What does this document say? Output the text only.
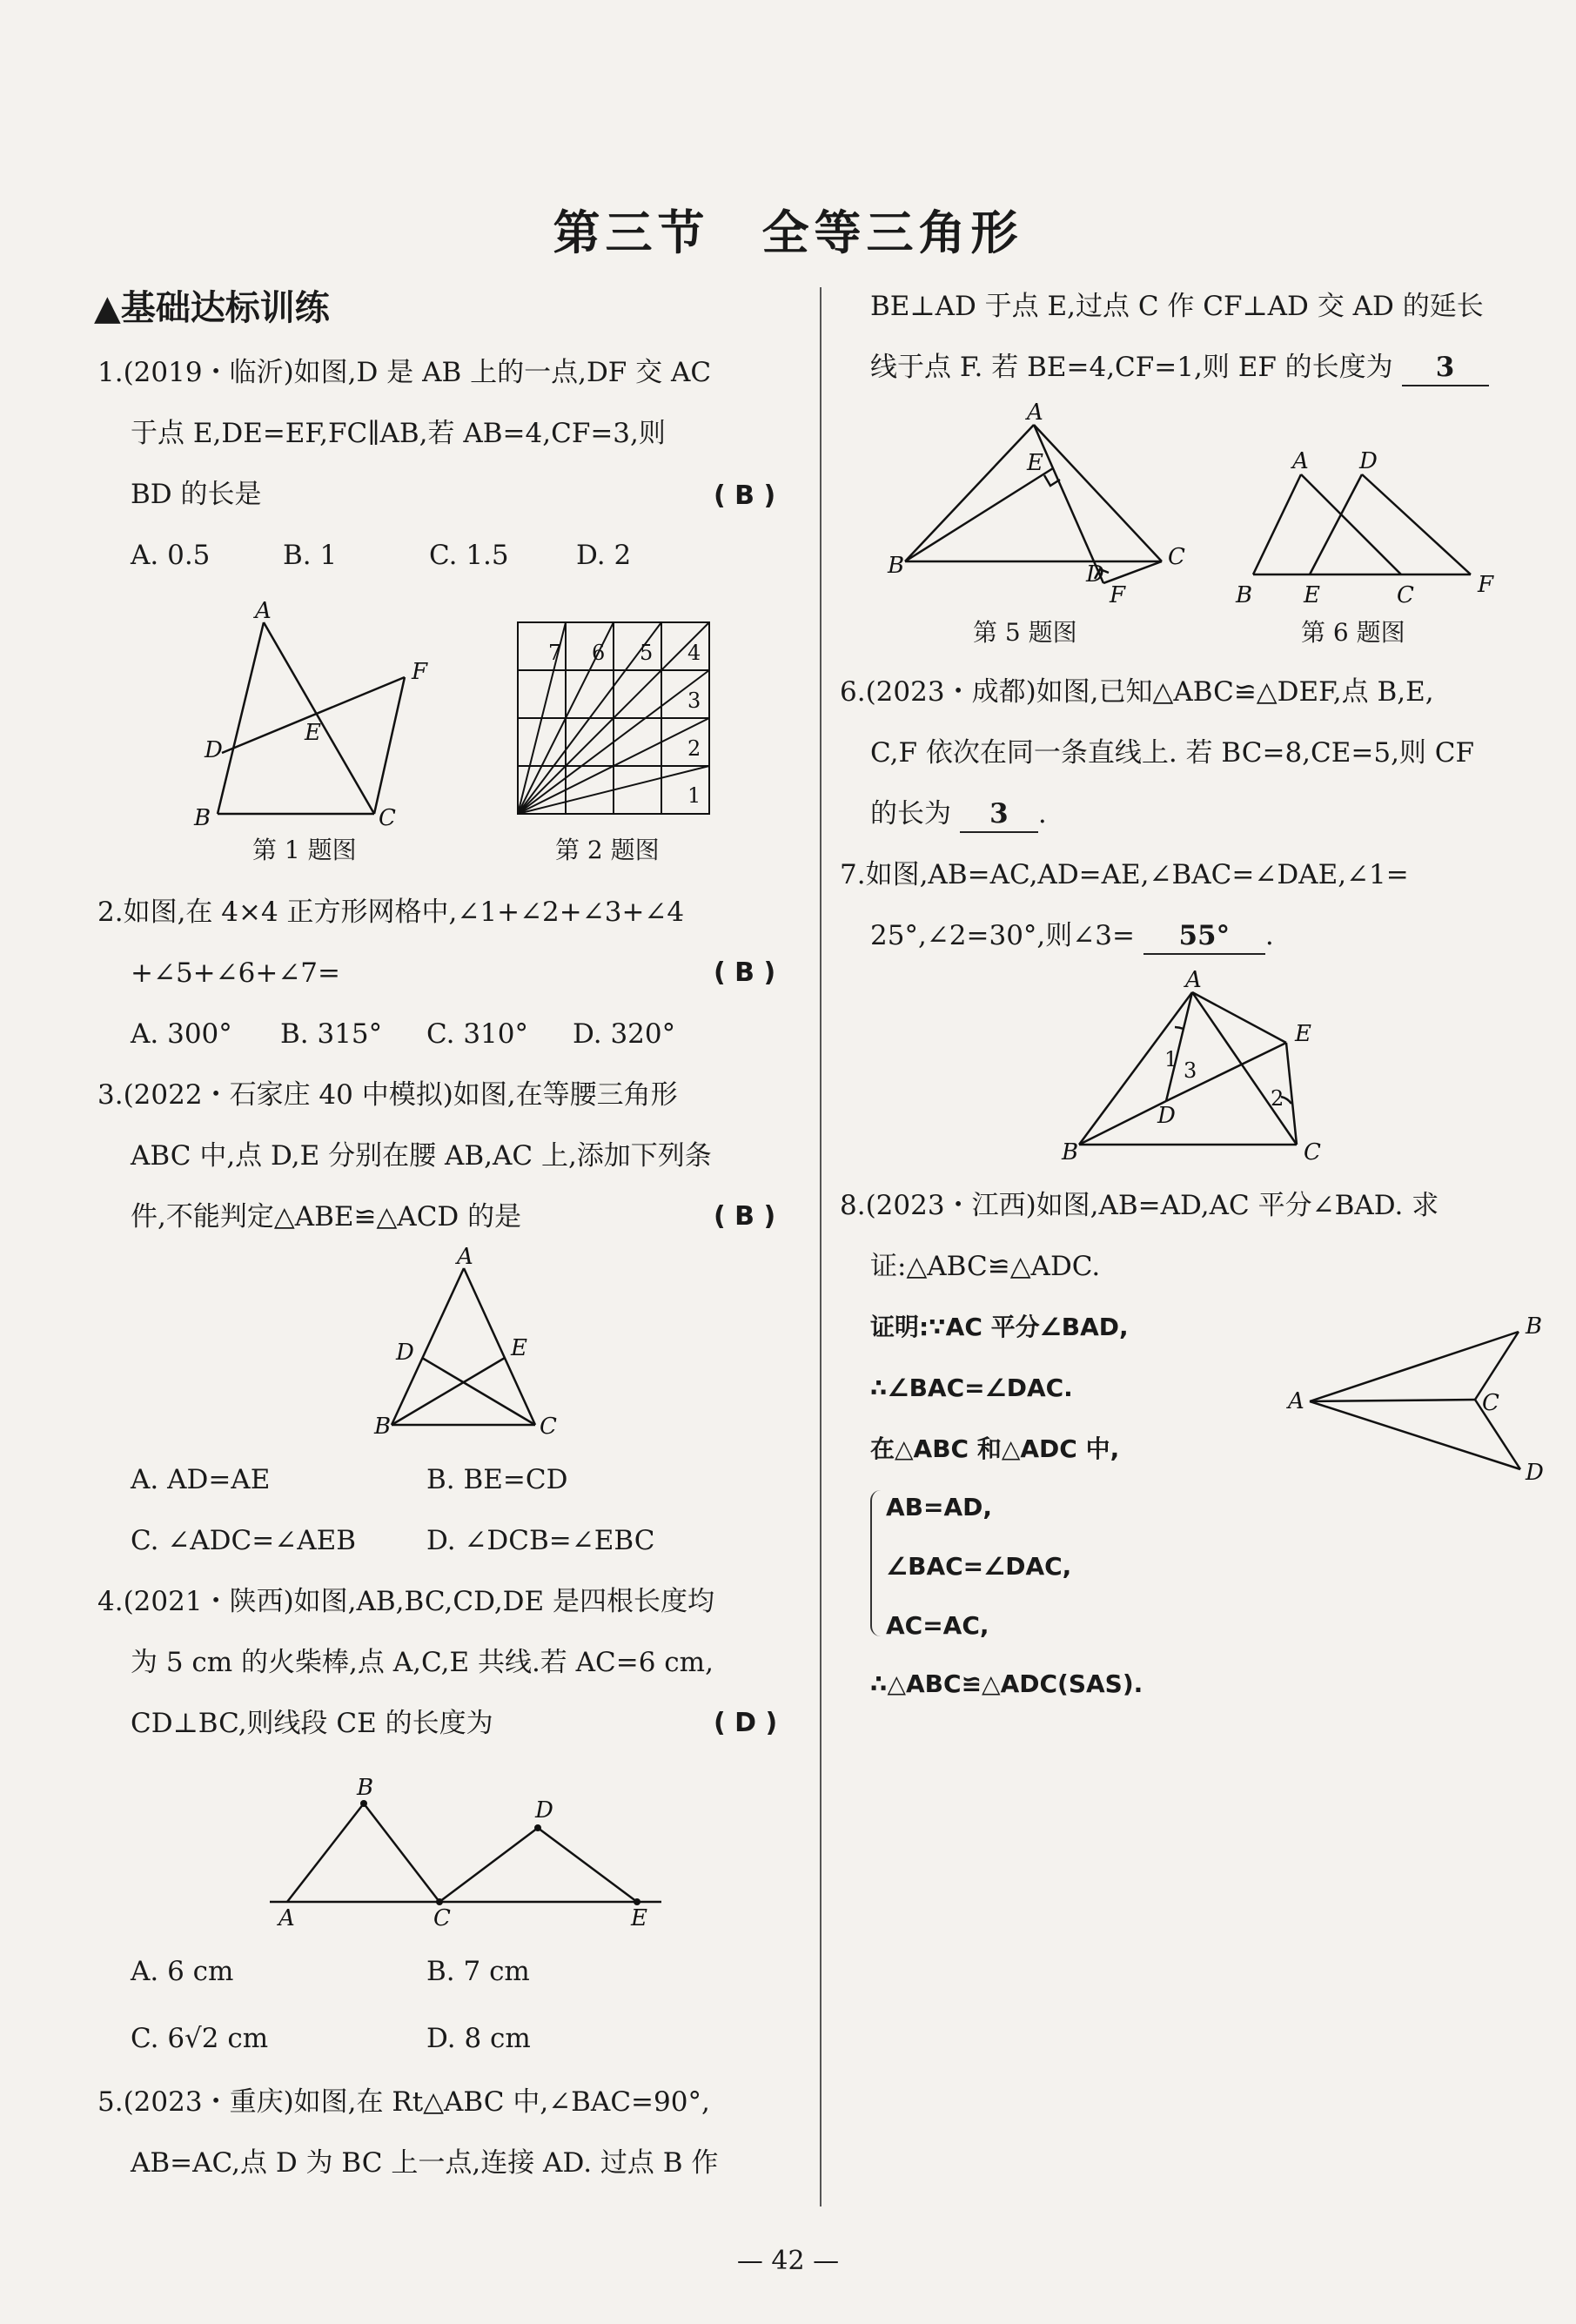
第三节　全等三角形
▲基础达标训练
1.(2019・临沂)如图,D 是 AB 上的一点,DF 交 AC
于点 E,DE=EF,FC∥AB,若 AB=4,CF=3,则
BD 的长是	( B )
A. 0.5	B. 1	C. 1.5 D. 2
A
B	C
D
E
F
第 1 题图
1
2
3
4
5
6
7
第 2 题图
2.如图,在 4×4 正方形网格中,∠1+∠2+∠3+∠4
+∠5+∠6+∠7=	( B )
A. 300° B. 315° C. 310° D. 320°
3.(2022・石家庄 40 中模拟)如图,在等腰三角形
ABC 中,点 D,E 分别在腰 AB,AC 上,添加下列条
件,不能判定△ABE≌△ACD 的是	( B )
A
B	C
D	E
A. AD=AE	B. BE=CD
C. ∠ADC=∠AEB	D. ∠DCB=∠EBC
4.(2021・陕西)如图,AB,BC,CD,DE 是四根长度均
为 5 cm 的火柴棒,点 A,C,E 共线.若 AC=6 cm,
CD⊥BC,则线段 CE 的长度为	( D )
A
B
C
D
E
A. 6 cm	B. 7 cm
C. 6√2 cm	D. 8 cm
5.(2023・重庆)如图,在 Rt△ABC 中,∠BAC=90°,
AB=AC,点 D 为 BC 上一点,连接 AD. 过点 B 作
BE⊥AD 于点 E,过点 C 作 CF⊥AD 交 AD 的延长
线于点 F. 若 BE=4,CF=1,则 EF 的长度为 3
A
B	C
D
E
F
第 5 题图
A D
B E	C	F
第 6 题图
6.(2023・成都)如图,已知△ABC≌△DEF,点 B,E,
C,F 依次在同一条直线上. 若 BC=8,CE=5,则 CF
的长为 3 .
7.如图,AB=AC,AD=AE,∠BAC=∠DAE,∠1=
25°,∠2=30°,则∠3= 55° .
A
B	C
D
E
1
2
3
8.(2023・江西)如图,AB=AD,AC 平分∠BAD. 求
证:△ABC≌△ADC.
A
B
C
D
证明:∵AC 平分∠BAD,
∴∠BAC=∠DAC.
在△ABC 和△ADC 中,
AB=AD,
∠BAC=∠DAC,
AC=AC,
∴△ABC≌△ADC(SAS).
— 42 —
